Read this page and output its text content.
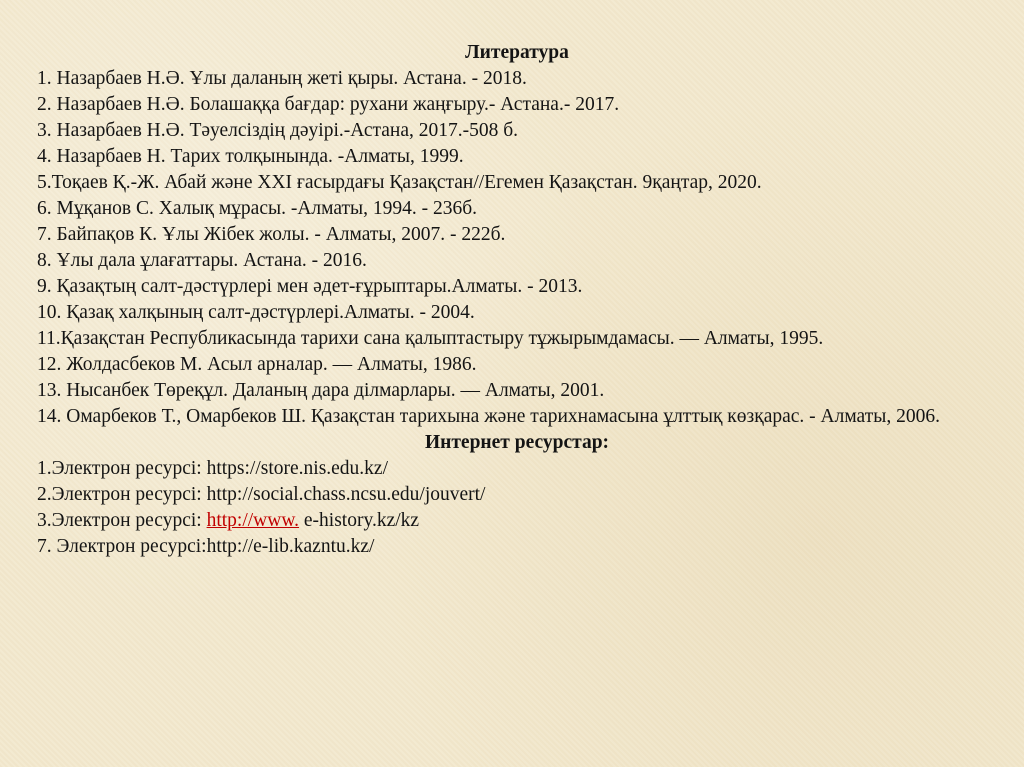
Литература
1. Назарбаев Н.Ә. Ұлы даланың жеті қыры. Астана. - 2018.
2. Назарбаев Н.Ә. Болашаққа бағдар: рухани жаңғыру.- Астана.- 2017.
3. Назарбаев Н.Ә. Тәуелсіздің дәуірі.-Астана, 2017.-508 б.
4. Назарбаев Н. Тарих толқынында. -Алматы, 1999.
5.Тоқаев Қ.-Ж. Абай және XXI ғасырдағы Қазақстан//Егемен Қазақстан. 9қаңтар, 2020.
6. Мұқанов С. Халық мұрасы. -Алматы, 1994. - 236б.
7. Байпақов К. Ұлы Жібек жолы. - Алматы, 2007. - 222б.
8. Ұлы дала ұлағаттары. Астана. - 2016.
9. Қазақтың салт-дәстүрлері мен әдет-ғұрыптары.Алматы. - 2013.
10. Қазақ халқының салт-дәстүрлері.Алматы. - 2004.
11.Қазақстан Республикасында тарихи сана қалыптастыру тұжырымдамасы. — Алматы, 1995.
12. Жолдасбеков М. Асыл арналар. — Алматы, 1986.
13. Нысанбек Төреқұл. Даланың дара ділмарлары. — Алматы, 2001.
14. Омарбеков Т., Омарбеков Ш. Қазақстан тарихына және тарихнамасына ұлттық көзқарас. - Алматы, 2006.
Интернет ресурстар:
1.Электрон ресурсі: https://store.nis.edu.kz/
2.Электрон ресурсі: http://social.chass.ncsu.edu/jouvert/
3.Электрон ресурсі: http://www. e-history.kz/kz
7. Электрон ресурсі:http://e-lib.kazntu.kz/
